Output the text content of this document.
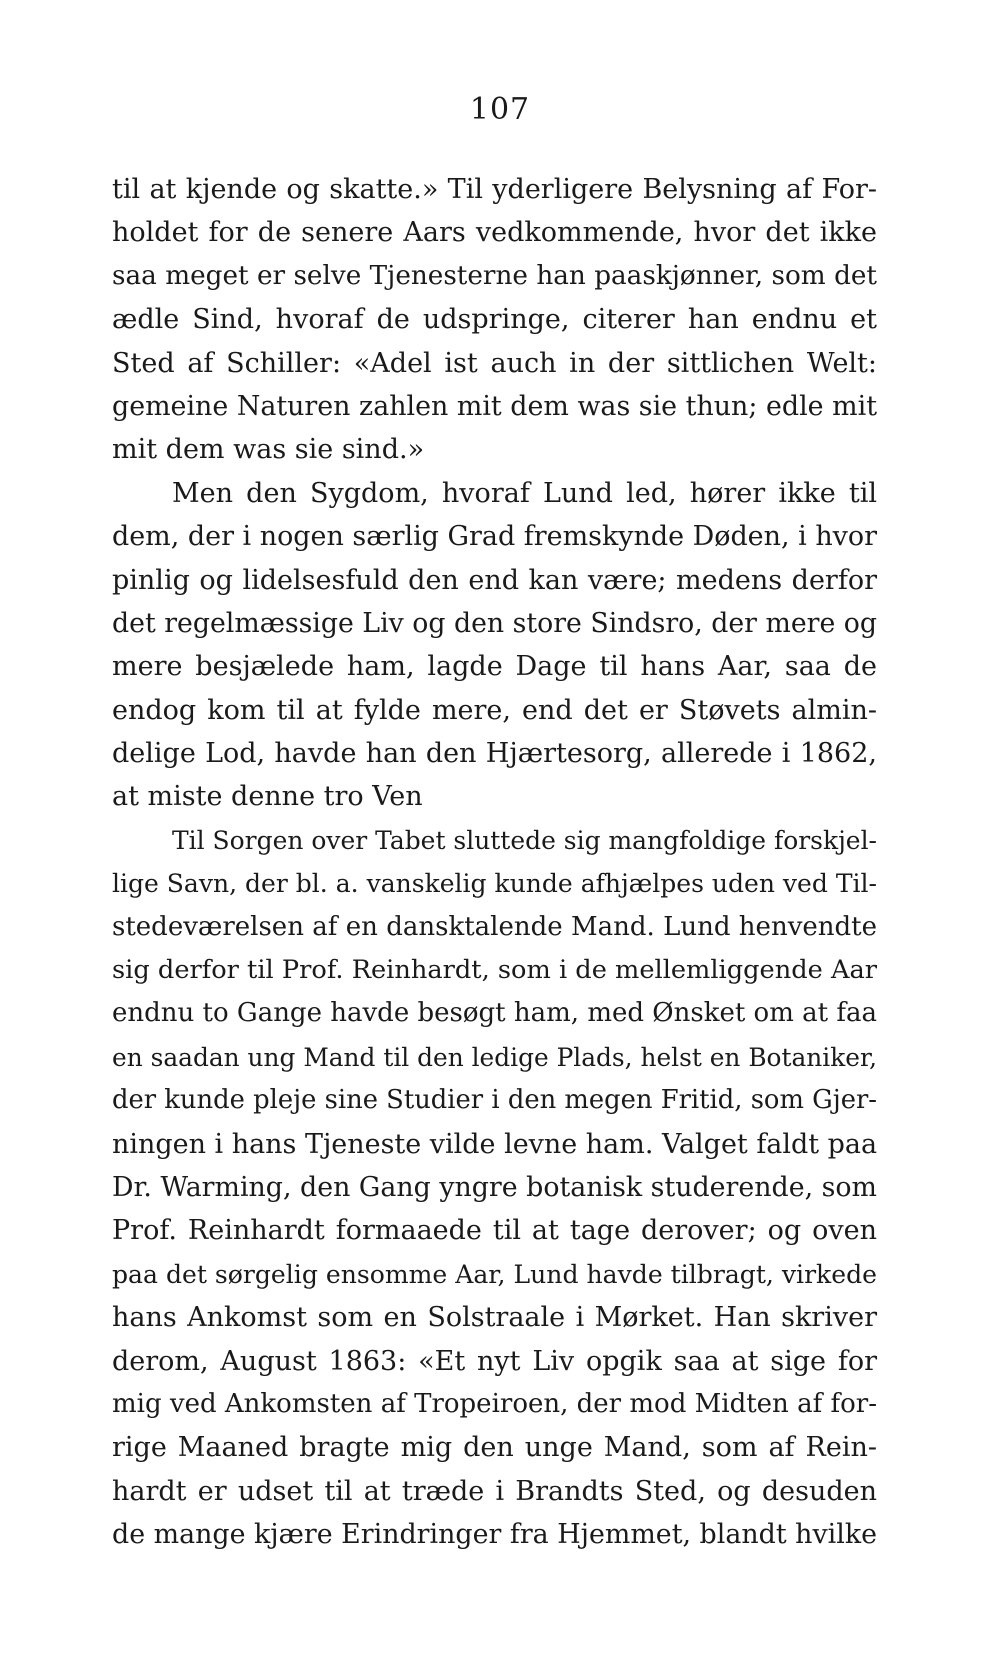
107
til at kjende og skatte.» Til yderligere Belysning af For-
holdet for de senere Aars vedkommende, hvor det ikke
saa meget er selve Tjenesterne han paaskjønner, som det
ædle Sind, hvoraf de udspringe, citerer han endnu et
Sted af Schiller: «Adel ist auch in der sittlichen Welt:
gemeine Naturen zahlen mit dem was sie thun; edle mit
mit dem was sie sind.»
Men den Sygdom, hvoraf Lund led, hører ikke til
dem, der i nogen særlig Grad fremskynde Døden, i hvor
pinlig og lidelsesfuld den end kan være; medens derfor
det regelmæssige Liv og den store Sindsro, der mere og
mere besjælede ham, lagde Dage til hans Aar, saa de
endog kom til at fylde mere, end det er Støvets almin-
delige Lod, havde han den Hjærtesorg, allerede i 1862,
at miste denne tro Ven
Til Sorgen over Tabet sluttede sig mangfoldige forskjel-
lige Savn, der bl. a. vanskelig kunde afhjælpes uden ved Til-
stedeværelsen af en dansktalende Mand. Lund henvendte
sig derfor til Prof. Reinhardt, som i de mellemliggende Aar
endnu to Gange havde besøgt ham, med Ønsket om at faa
en saadan ung Mand til den ledige Plads, helst en Botaniker,
der kunde pleje sine Studier i den megen Fritid, som Gjer-
ningen i hans Tjeneste vilde levne ham. Valget faldt paa
Dr. Warming, den Gang yngre botanisk studerende, som
Prof. Reinhardt formaaede til at tage derover; og oven
paa det sørgelig ensomme Aar, Lund havde tilbragt, virkede
hans Ankomst som en Solstraale i Mørket. Han skriver
derom, August 1863: «Et nyt Liv opgik saa at sige for
mig ved Ankomsten af Tropeiroen, der mod Midten af for-
rige Maaned bragte mig den unge Mand, som af Rein-
hardt er udset til at træde i Brandts Sted, og desuden
de mange kjære Erindringer fra Hjemmet, blandt hvilke
